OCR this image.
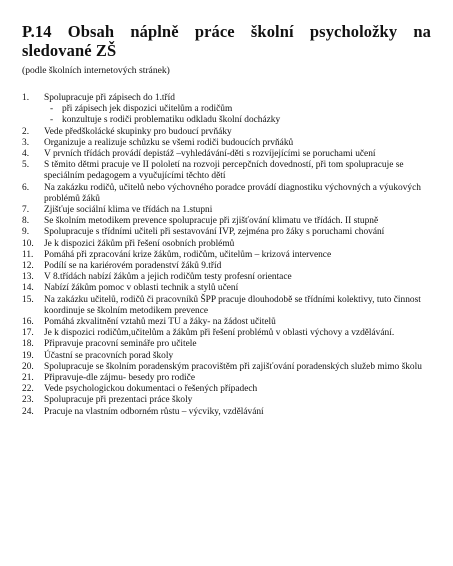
P.14 Obsah náplně práce školní psycholožky na sledované ZŠ

(podle školních internetových stránek)

1.	Spolupracuje při zápisech do 1.tříd
- při zápisech jek dispozici učitelům a rodičům
- konzultuje s rodiči problematiku odkladu školní docházky
2.	Vede předškolácké skupinky pro budoucí prvňáky
3.	Organizuje a realizuje schůzku se všemi rodiči budoucích prvňáků
4.	V prvních třídách provádí depistáž –vyhledávání-děti s rozvíjejícími se poruchami učení
5.	S těmito dětmi pracuje ve II pololetí na rozvoji percepčních dovedností, při tom spolupracuje se speciálním pedagogem a vyučujícími těchto dětí
6.	Na zakázku rodičů, učitelů nebo výchovného poradce provádí diagnostiku výchovných a výukových problémů žáků
7.	Zjišťuje sociální klima ve třídách na 1.stupni
8.	Se školním metodikem prevence spolupracuje při zjišťování klimatu ve třídách. II stupně
9.	Spolupracuje s třídními učiteli při sestavování IVP, zejména pro žáky s poruchami chování
10.	Je k dispozici žákům při řešení osobních problémů
11.	Pomáhá při zpracování krize žákům, rodičům, učitelům – krizová intervence
12.	Podílí se na kariérovém poradenství žáků 9.tříd
13.	V 8.třídách nabízí žákům a jejich rodičům testy profesní orientace
14.	Nabízí žákům pomoc v oblasti technik a stylů učení
15.	Na zakázku učitelů, rodičů či pracovníků ŠPP pracuje dlouhodobě se třídními kolektivy, tuto činnost koordinuje se školním metodikem prevence
16.	Pomáhá zkvalitnění vztahů mezi TU a žáky- na žádost učitelů
17.	Je k dispozici rodičům,učitelům a žákům při řešení problémů v oblasti výchovy a vzdělávání.
18.	Připravuje pracovní semináře pro učitele
19.	Účastní se pracovních porad školy
20.	Spolupracuje se školním poradenským pracovištěm při zajišťování poradenských služeb mimo školu
21.	Připravuje-dle zájmu- besedy pro rodiče
22.	Vede psychologickou dokumentaci o řešených případech
23.	Spolupracuje při prezentaci práce školy
24.	Pracuje na vlastním odborném růstu – výcviky, vzdělávání
